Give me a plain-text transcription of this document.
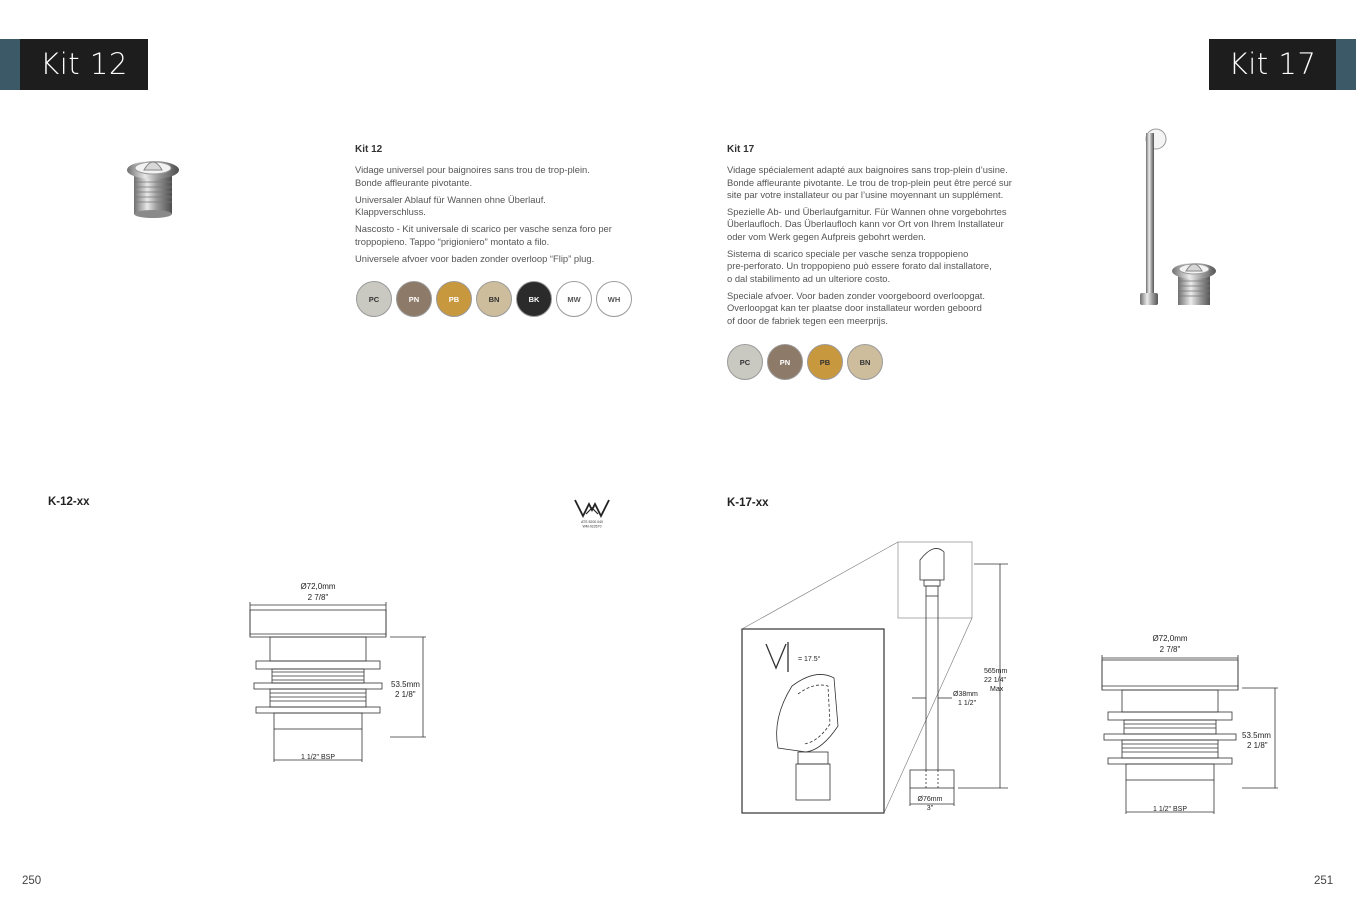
Kit 12	Kit 17
Kit 12

Vidage universel pour baignoires sans trou de trop-plein.
Bonde affleurante pivotante.

Universaler Ablauf für Wannen ohne Überlauf.
Klappverschluss.

Nascosto - Kit universale di scarico per vasche senza foro per
troppopieno. Tappo “prigioniero” montato a filo.

Universele afvoer voor baden zonder overloop “Flip” plug.

PC	PN	PB	BN	BK	MW	WH
Kit 17

Vidage spécialement adapté aux baignoires sans trop-plein d’usine.
Bonde affleurante pivotante. Le trou de trop-plein peut être percé sur
site par votre installateur ou par l’usine moyennant un supplément.

Spezielle Ab- und Überlaufgarnitur. Für Wannen ohne vorgebohrtes
Überlaufloch. Das Überlaufloch kann vor Ort von Ihrem Installateur
oder vom Werk gegen Aufpreis gebohrt werden.

Sistema di scarico speciale per vasche senza troppopieno
pre-perforato. Un troppopieno può essere forato dal installatore,
o dal stabilimento ad un ulteriore costo.

Speciale afvoer. Voor baden zonder voorgeboord overloopgat.
Overloopgat kan ter plaatse door installateur worden geboord
of door de fabriek tegen een meerprijs.

PC	PN	PB	BN
K-12-xx	K-17-xx
ATS 5200.040
WM-022670
Ø72,0mm
2 7/8"
53.5mm
2 1/8"
1 1/2" BSP
= 17.5°
565mm
22 1/4"
Max
Ø38mm
1 1/2"
Ø76mm
3"
Ø72,0mm
2 7/8"
53.5mm
2 1/8"
1 1/2" BSP
250	251
